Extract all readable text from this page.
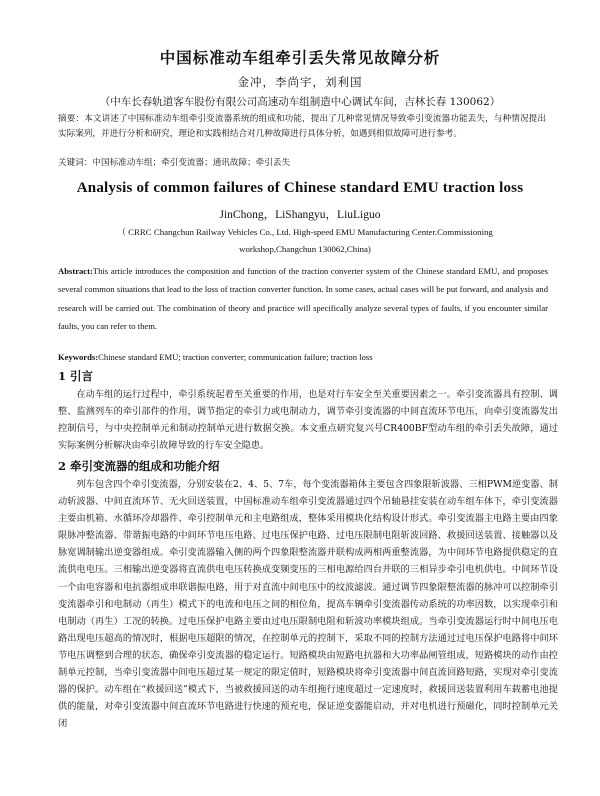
中国标准动车组牵引丢失常见故障分析
金冲，李尚宇，刘利国
（中车长春轨道客车股份有限公司高速动车组制造中心调试车间，吉林长春 130062）
摘要：本文讲述了中国标准动车组牵引变流器系统的组成和功能，提出了几种常见情况导致牵引变流器功能丢失，与种情况提出实际案列，并进行分析和研究，理论和实践相结合对几种故障进行具体分析，如遇到相似故障可进行参考。
关键词：中国标准动车组；牵引变流器；通讯故障；牵引丢失
Analysis of common failures of Chinese standard EMU traction loss
JinChong，LiShangyu，LiuLiguo
（ CRRC Changchun Railway Vehicles Co., Ltd. High-speed EMU Manufacturing Center.Commissioning workshop,Changchun 130062,China)
Abstract:This article introduces the composition and function of the traction converter system of the Chinese standard EMU, and proposes several common situations that lead to the loss of traction converter function. In some cases, actual cases will be put forward, and analysis and research will be carried out. The combination of theory and practice will specifically analyze several types of faults, if you encounter similar faults, you can refer to them.
Keywords:Chinese standard EMU; traction converter; communication failure; traction loss
1 引言

在动车组的运行过程中，牵引系统起着至关重要的作用，也是对行车安全至关重要因素之一。牵引变流器具有控制、调整、监测列车的牵引部件的作用，调节指定的牵引力或电制动力，调节牵引变流器的中间直流环节电压，向牵引变流器发出控制信号，与中央控制单元和制动控制单元进行数据交换。本文重点研究复兴号CR400BF型动车组的牵引丢失故障，通过实际案例分析解决由牵引故障导致的行车安全隐患。

2 牵引变流器的组成和功能介绍

列车包含四个牵引变流器，分别安装在2、4、5、7车，每个变流器箱体主要包含四象限斩波器、三相PWM逆变器、制动斩波器、中间直流环节、无火回送装置，中国标准动车组牵引变流器通过四个吊轴悬挂安装在动车组车体下，牵引变流器主要由机箱、水循环冷却器件、牵引控制单元和主电路组成，整体采用模块化结构设计形式。牵引变流器主电路主要由四象限脉冲整流器、带谐振电路的中间环节电压电路、过电压保护电路、过电压限制电阻斩波回路、救援回送装置、接触器以及脉宽调制输出逆变器组成。牵引变流器输入侧的两个四象限整流器并联构成两相两重整流器，为中间环节电路提供稳定的直流供电电压。三相输出逆变器将直流供电电压转换成变频变压的三相电源给四台并联的三相异步牵引电机供电。中间环节设一个由电容器和电抗器组成串联谐振电路，用于对直流中间电压中的纹波滤波。通过调节四象限整流器的脉冲可以控制牵引变流器牵引和电制动（再生）模式下的电流和电压之间的相位角，提高车辆牵引变流器传动系统的功率因数，以实现牵引和电制动（再生）工况的转换。过电压保护电路主要由过电压限制电阻和斩波功率模块组成。当牵引变流器运行时中间电压电路出现电压超高的情况时，根据电压超限的情况，在控制单元的控制下，采取不同的控制方法通过过电压保护电路将中间环节电压调整到合理的状态，确保牵引变流器的稳定运行。短路模块由短路电抗器和大功率晶闸管组成，短路模块的动作由控制单元控制，当牵引变流器中间电压超过某一规定的限定值时，短路模块将牵引变流器中间直流回路短路，实现对牵引变流器的保护。动车组在“救援回送”模式下，当被救援回送的动车组拖行速度超过一定速度时，救援回送装置利用车载蓄电池提供的能量，对牵引变流器中间直流环节电路进行快速的预充电，保证逆变器能启动，并对电机进行预磁化，同时控制单元关闭
